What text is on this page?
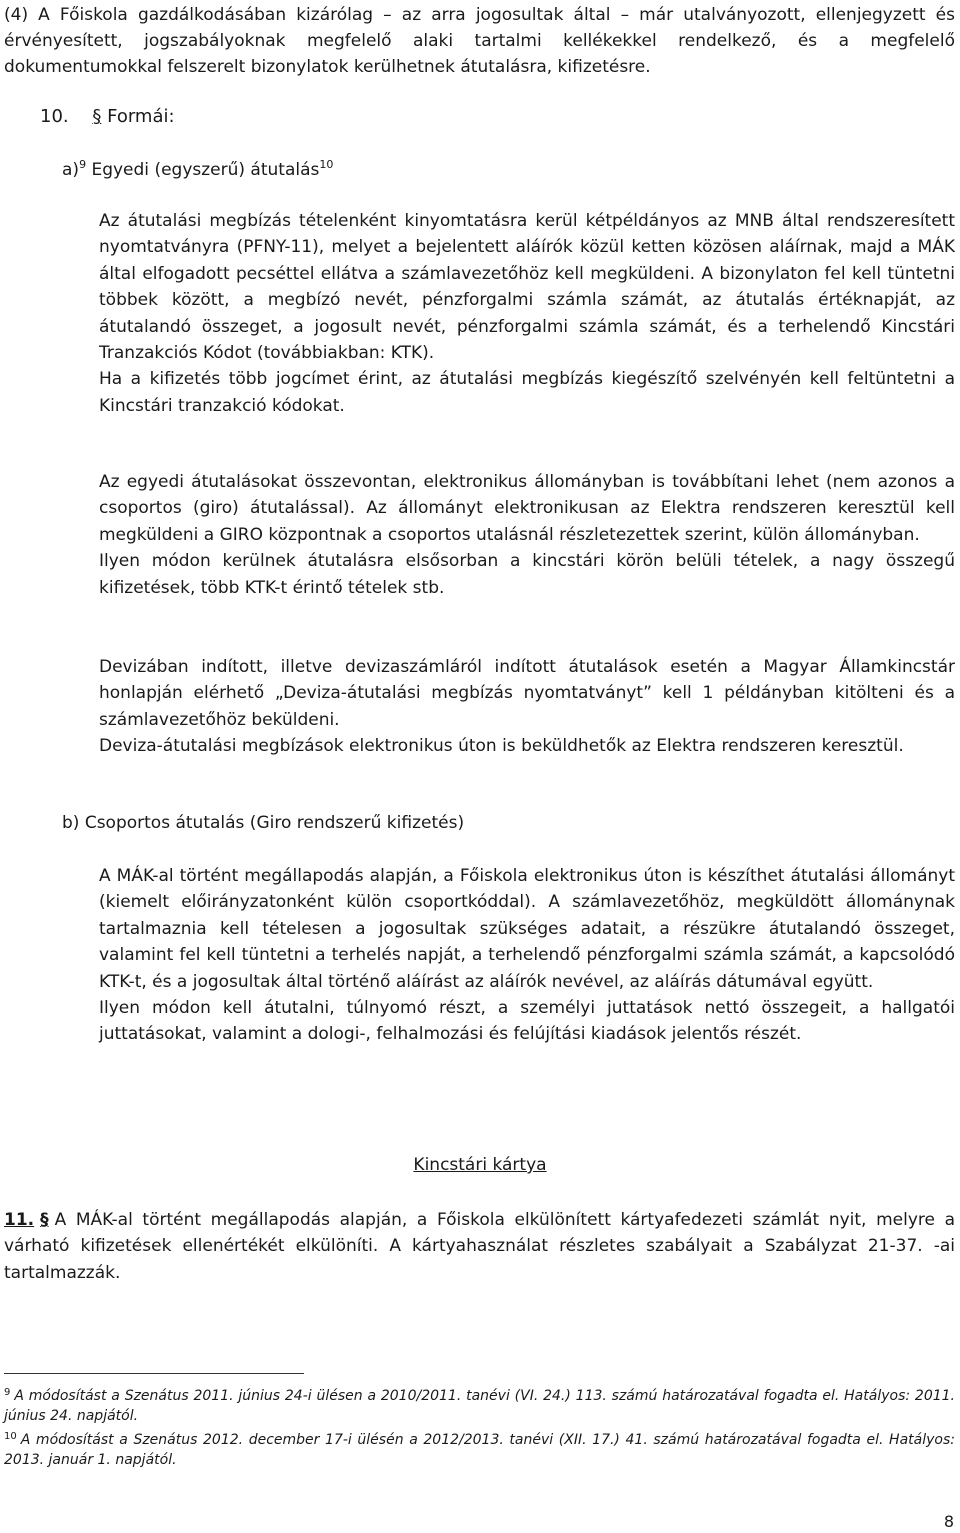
(4) A Főiskola gazdálkodásában kizárólag – az arra jogosultak által – már utalványozott, ellenjegyzett és érvényesített, jogszabályoknak megfelelő alaki tartalmi kellékekkel rendelkező, és a megfelelő dokumentumokkal felszerelt bizonylatok kerülhetnek átutalásra, kifizetésre.

10. § Formái:

a)$^9$ Egyedi (egyszerű) átutalás$^{10}$

Az átutalási megbízás tételenként kinyomtatásra kerül kétpéldányos az MNB által rendszeresített nyomtatványra (PFNY-11), melyet a bejelentett aláírók közül ketten közösen aláírnak, majd a MÁK által elfogadott pecséttel ellátva a számlavezetőhöz kell megküldeni. A bizonylaton fel kell tüntetni többek között, a megbízó nevét, pénzforgalmi számla számát, az átutalás értéknapját, az átutalandó összeget, a jogosult nevét, pénzforgalmi számla számát, és a terhelendő Kincstári Tranzakciós Kódot (továbbiakban: KTK).
Ha a kifizetés több jogcímet érint, az átutalási megbízás kiegészítő szelvényén kell feltüntetni a Kincstári tranzakció kódokat.

Az egyedi átutalásokat összevontan, elektronikus állományban is továbbítani lehet (nem azonos a csoportos (giro) átutalással). Az állományt elektronikusan az Elektra rendszeren keresztül kell megküldeni a GIRO központnak a csoportos utalásnál részletezettek szerint, külön állományban.
Ilyen módon kerülnek átutalásra elsősorban a kincstári körön belüli tételek, a nagy összegű kifizetések, több KTK-t érintő tételek stb.

Devizában indított, illetve devizaszámláról indított átutalások esetén a Magyar Államkincstár honlapján elérhető „Deviza-átutalási megbízás nyomtatványt” kell 1 példányban kitölteni és a számlavezetőhöz beküldeni.
Deviza-átutalási megbízások elektronikus úton is beküldhetők az Elektra rendszeren keresztül.

b) Csoportos átutalás (Giro rendszerű kifizetés)

A MÁK-al történt megállapodás alapján, a Főiskola elektronikus úton is készíthet átutalási állományt (kiemelt előirányzatonként külön csoportkóddal). A számlavezetőhöz, megküldött állománynak tartalmaznia kell tételesen a jogosultak szükséges adatait, a részükre átutalandó összeget, valamint fel kell tüntetni a terhelés napját, a terhelendő pénzforgalmi számla számát, a kapcsolódó KTK-t, és a jogosultak által történő aláírást az aláírók nevével, az aláírás dátumával együtt.
Ilyen módon kell átutalni, túlnyomó részt, a személyi juttatások nettó összegeit, a hallgatói juttatásokat, valamint a dologi-, felhalmozási és felújítási kiadások jelentős részét.

Kincstári kártya

11. § A MÁK-al történt megállapodás alapján, a Főiskola elkülönített kártyafedezeti számlát nyit, melyre a várható kifizetések ellenértékét elkülöníti. A kártyahasználat részletes szabályait a Szabályzat 21-37. -ai tartalmazzák.

$^9$ A módosítást a Szenátus 2011. június 24-i ülésen a 2010/2011. tanévi (VI. 24.) 113. számú határozatával fogadta el. Hatályos: 2011. június 24. napjától.

$^{10}$ A módosítást a Szenátus 2012. december 17-i ülésén a 2012/2013. tanévi (XII. 17.) 41. számú határozatával fogadta el. Hatályos: 2013. január 1. napjától.

8
